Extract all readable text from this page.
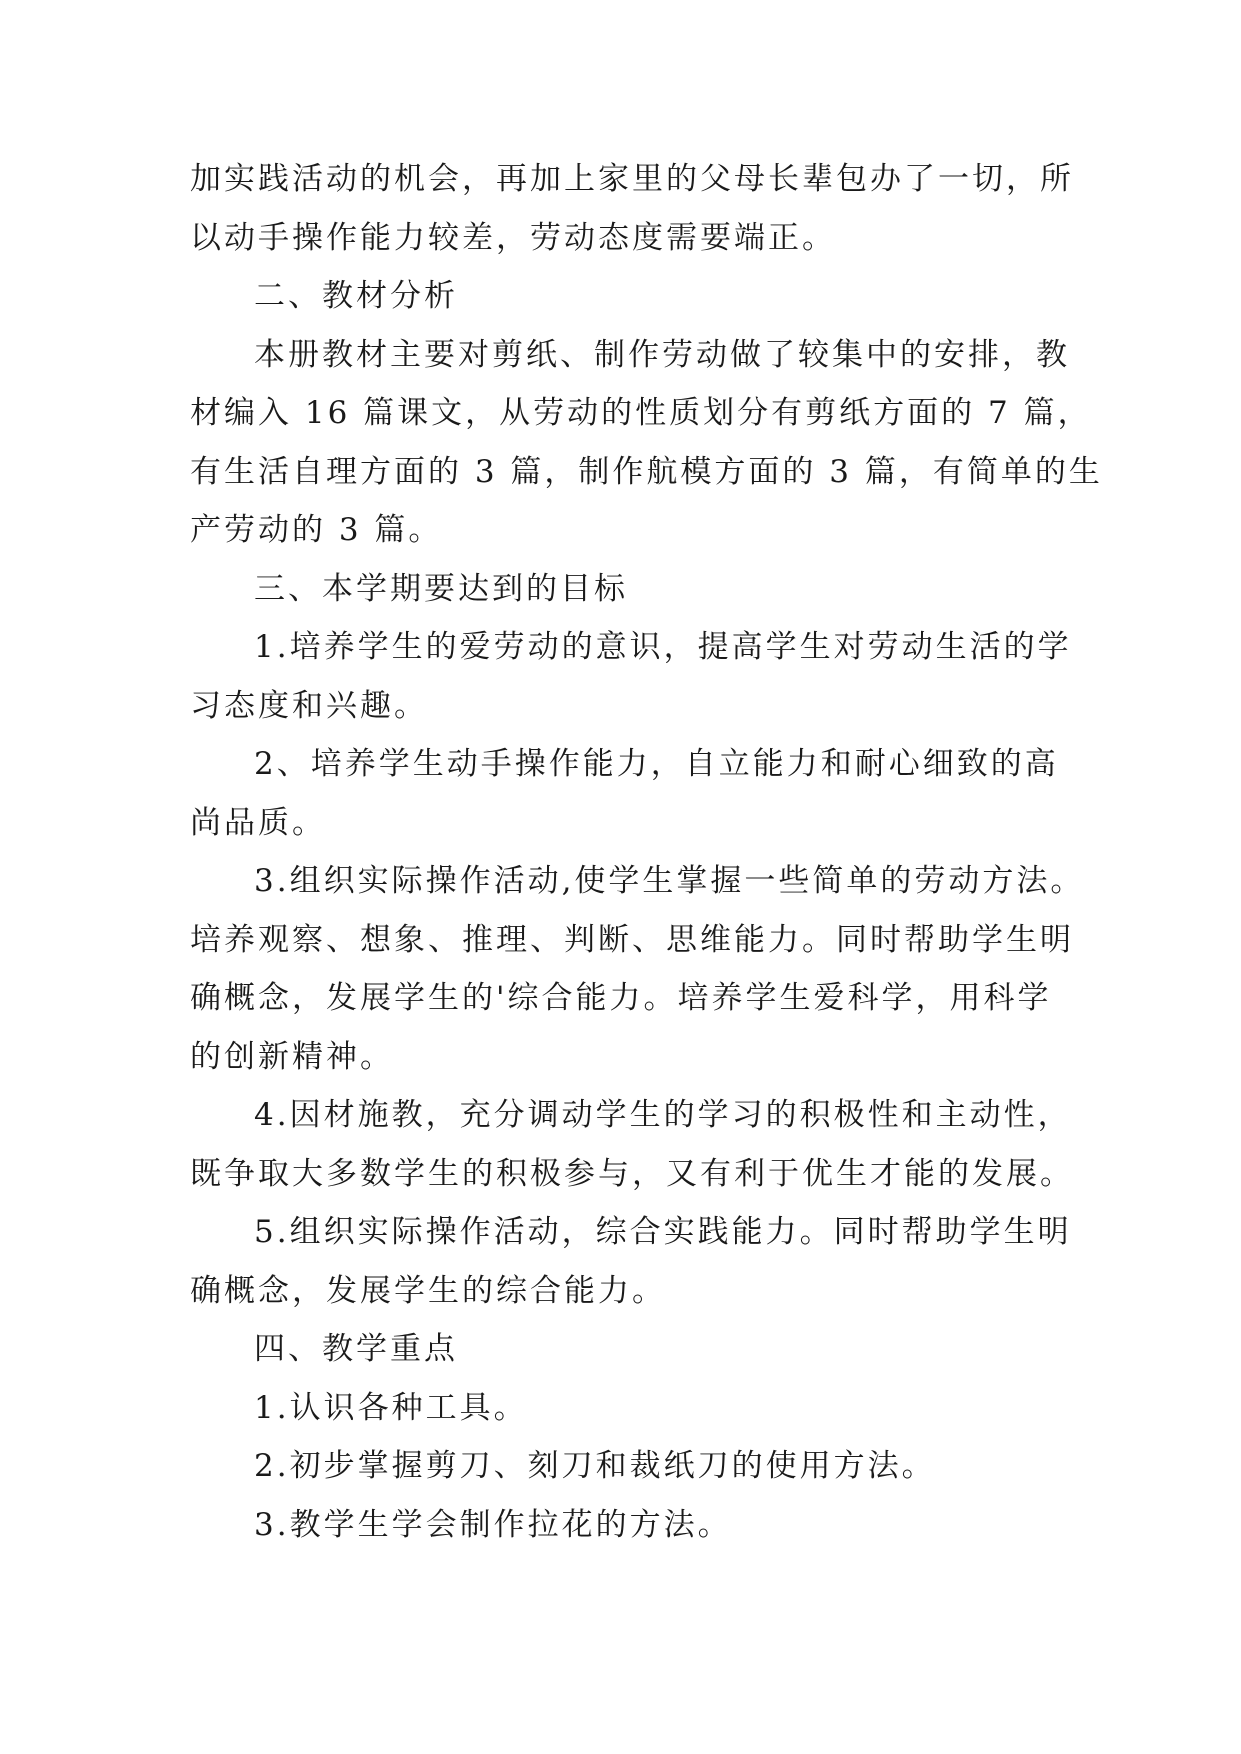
加实践活动的机会，再加上家里的父母长辈包办了一切，所
以动手操作能力较差，劳动态度需要端正。
二、教材分析
本册教材主要对剪纸、制作劳动做了较集中的安排，教
材编入 16 篇课文，从劳动的性质划分有剪纸方面的 7 篇，
有生活自理方面的 3 篇，制作航模方面的 3 篇，有简单的生
产劳动的 3 篇。
三、本学期要达到的目标
1.培养学生的爱劳动的意识，提高学生对劳动生活的学
习态度和兴趣。
2、培养学生动手操作能力，自立能力和耐心细致的高
尚品质。
3.组织实际操作活动,使学生掌握一些简单的劳动方法。
培养观察、想象、推理、判断、思维能力。同时帮助学生明
确概念，发展学生的'综合能力。培养学生爱科学，用科学
的创新精神。
4.因材施教，充分调动学生的学习的积极性和主动性，
既争取大多数学生的积极参与，又有利于优生才能的发展。
5.组织实际操作活动，综合实践能力。同时帮助学生明
确概念，发展学生的综合能力。
四、教学重点
1.认识各种工具。
2.初步掌握剪刀、刻刀和裁纸刀的使用方法。
3.教学生学会制作拉花的方法。
